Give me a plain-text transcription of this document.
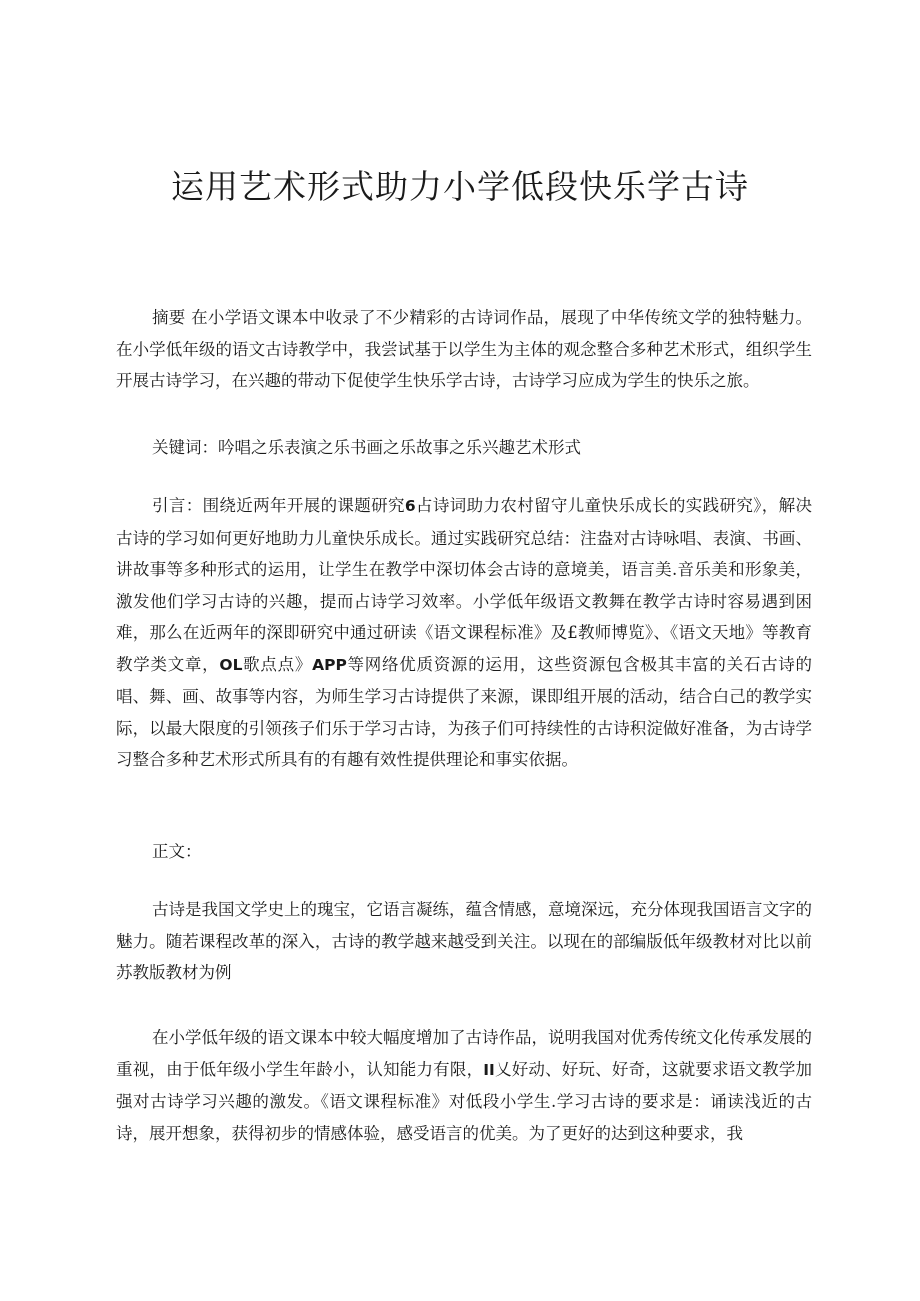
运用艺术形式助力小学低段快乐学古诗

摘要 在小学语文课本中收录了不少精彩的古诗词作品，展现了中华传统文学的独特魅力。在小学低年级的语文古诗教学中，我尝试基于以学生为主体的观念整合多种艺术形式，组织学生开展古诗学习，在兴趣的带动下促使学生快乐学古诗，古诗学习应成为学生的快乐之旅。

关键词：吟唱之乐表演之乐书画之乐故事之乐兴趣艺术形式

引言：围绕近两年开展的课题研究6占诗词助力农村留守儿童快乐成长的实践研究》，解决古诗的学习如何更好地助力儿童快乐成长。通过实践研究总结：注盎对古诗咏唱、表演、书画、讲故事等多种形式的运用，让学生在教学中深切体会古诗的意境美，语言美.音乐美和形象美，激发他们学习古诗的兴趣，提而占诗学习效率。小学低年级语文教舞在教学古诗时容易遇到困难，那么在近两年的深即研究中通过研读《语文课程标准》及£教师博览》、《语文天地》等教育教学类文章，OL歌点点》APP等网络优质资源的运用，这些资源包含极其丰富的关石古诗的唱、舞、画、故事等内容，为师生学习古诗提供了来源，课即组开展的活动，结合白己的教学实际，以最大限度的引领孩子们乐于学习古诗，为孩子们可持续性的古诗积淀做好准备，为古诗学习整合多种艺术形式所具有的有趣有效性提供理论和事实依据。

正文：

古诗是我国文学史上的瑰宝，它语言凝练，蕴含情感，意境深远，充分体现我国语言文字的魅力。随若课程改革的深入，古诗的教学越来越受到关注。以现在的部编版低年级教材对比以前苏教版教材为例

在小学低年级的语文课本中较大幅度增加了古诗作品，说明我国对优秀传统文化传承发展的重视，由于低年级小学生年龄小，认知能力有限，II乂好动、好玩、好奇，这就要求语文教学加强对古诗学习兴趣的激发。《语文课程标准》对低段小学生.学习古诗的要求是：诵读浅近的古诗，展开想象，获得初步的情感体验，感受语言的优美。为了更好的达到这种要求，我
